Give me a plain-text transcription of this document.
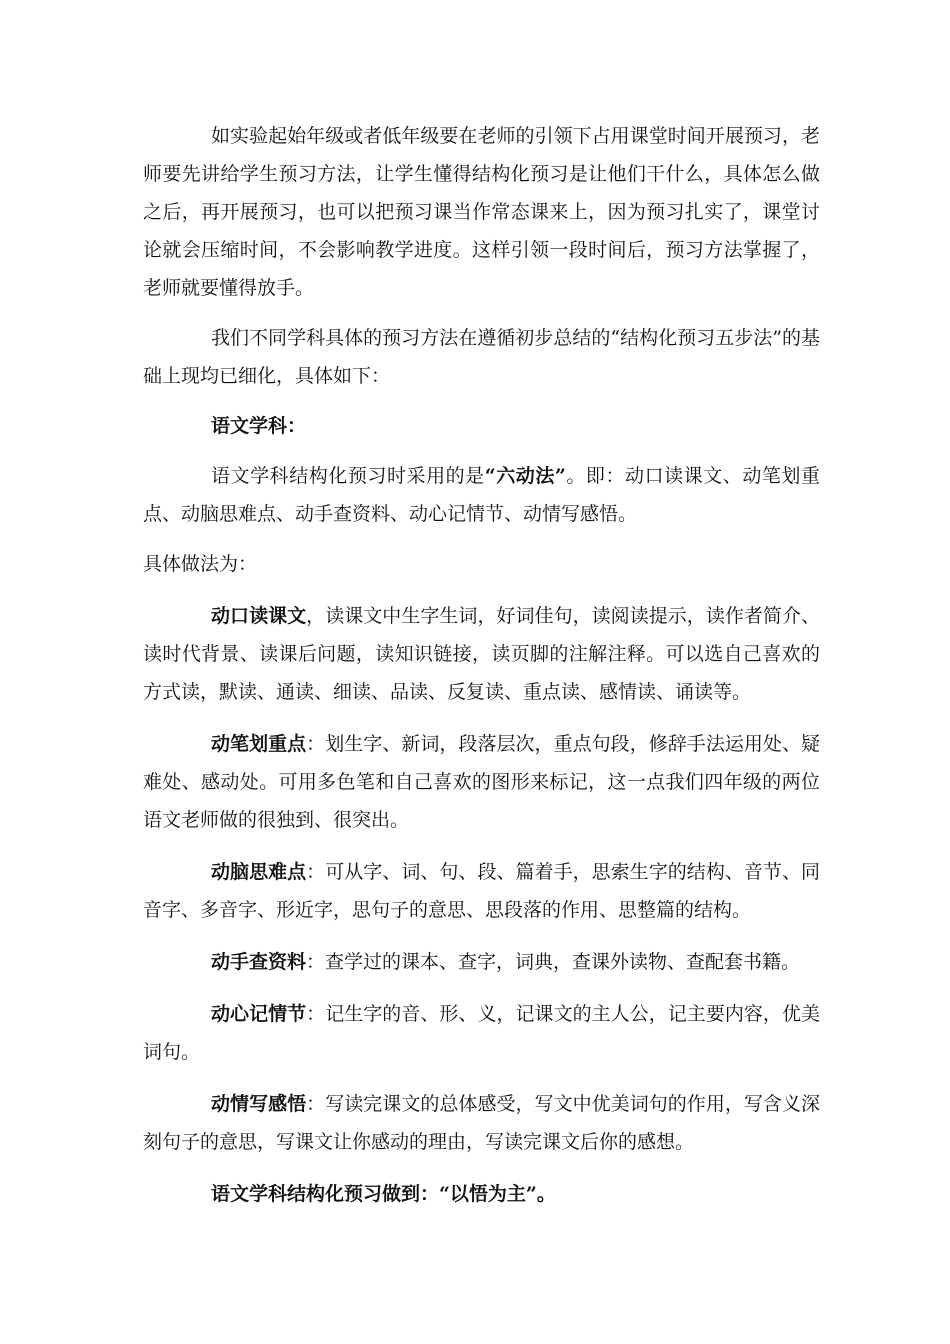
如实验起始年级或者低年级要在老师的引领下占用课堂时间开展预习，老师要先讲给学生预习方法，让学生懂得结构化预习是让他们干什么，具体怎么做之后，再开展预习，也可以把预习课当作常态课来上，因为预习扎实了，课堂讨论就会压缩时间，不会影响教学进度。这样引领一段时间后，预习方法掌握了，老师就要懂得放手。

我们不同学科具体的预习方法在遵循初步总结的“结构化预习五步法”的基础上现均已细化，具体如下：

语文学科：

语文学科结构化预习时采用的是“六动法”。即：动口读课文、动笔划重点、动脑思难点、动手查资料、动心记情节、动情写感悟。

具体做法为：

动口读课文，读课文中生字生词，好词佳句，读阅读提示，读作者简介、读时代背景、读课后问题，读知识链接，读页脚的注解注释。可以选自己喜欢的方式读，默读、通读、细读、品读、反复读、重点读、感情读、诵读等。

动笔划重点：划生字、新词，段落层次，重点句段，修辞手法运用处、疑难处、感动处。可用多色笔和自己喜欢的图形来标记，这一点我们四年级的两位语文老师做的很独到、很突出。

动脑思难点：可从字、词、句、段、篇着手，思索生字的结构、音节、同音字、多音字、形近字，思句子的意思、思段落的作用、思整篇的结构。

动手查资料：查学过的课本、查字，词典，查课外读物、查配套书籍。

动心记情节：记生字的音、形、义，记课文的主人公，记主要内容，优美词句。

动情写感悟：写读完课文的总体感受，写文中优美词句的作用，写含义深刻句子的意思，写课文让你感动的理由，写读完课文后你的感想。

语文学科结构化预习做到：“以悟为主”。
